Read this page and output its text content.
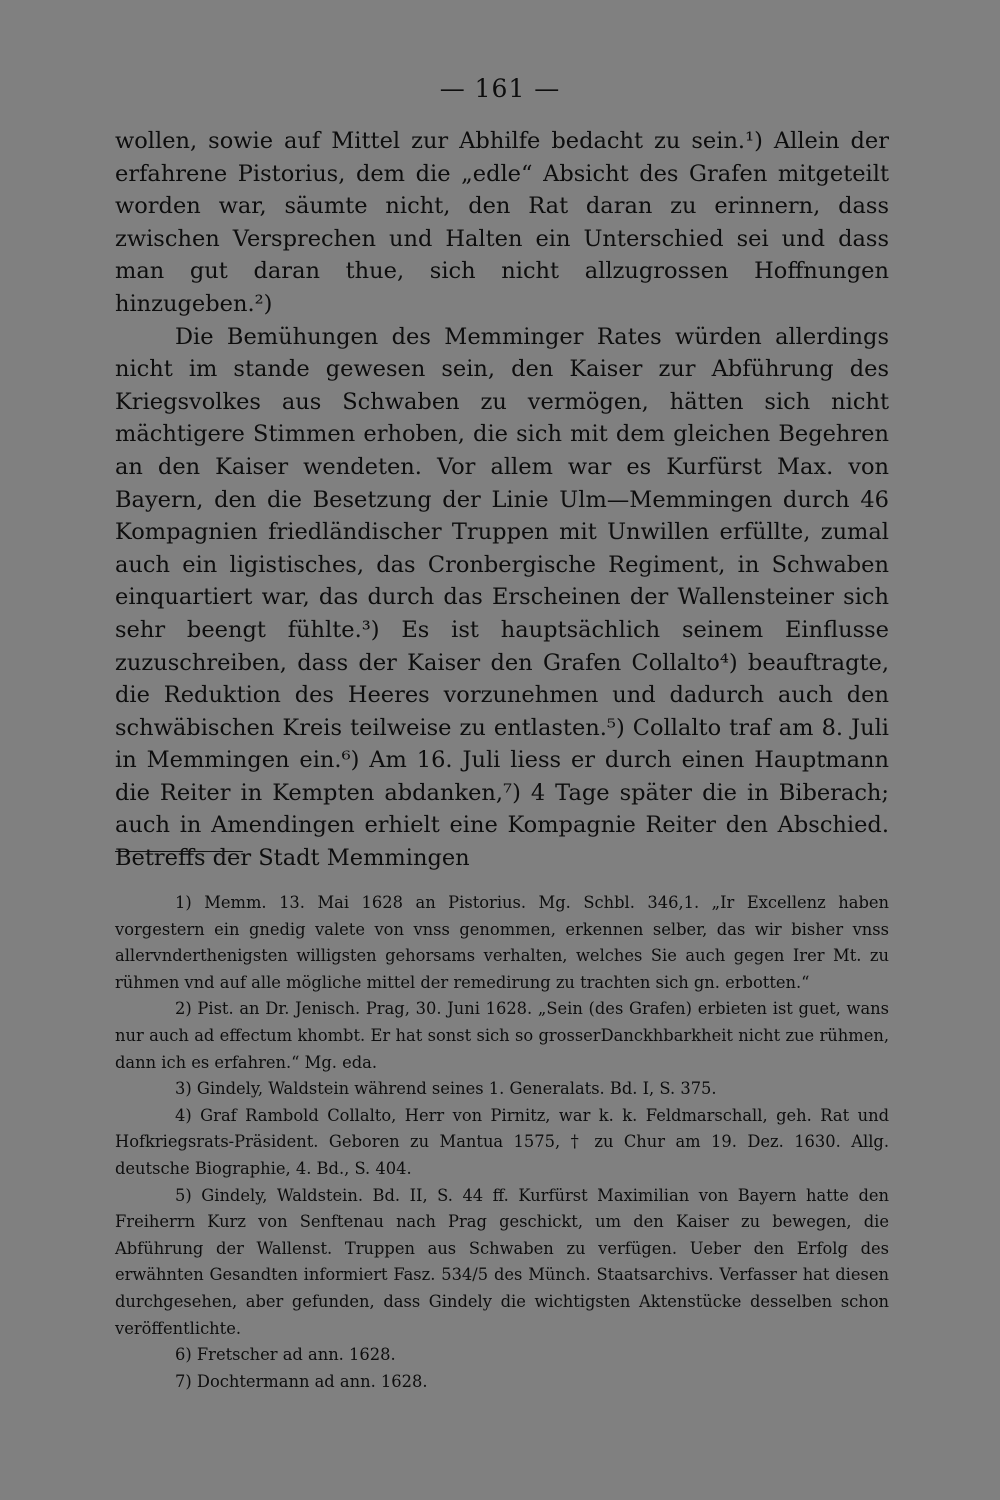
— 161 —

wollen, sowie auf Mittel zur Abhilfe bedacht zu sein.¹) Allein der erfahrene Pistorius, dem die „edle“ Absicht des Grafen mitgeteilt worden war, säumte nicht, den Rat daran zu erinnern, dass zwischen Versprechen und Halten ein Unterschied sei und dass man gut daran thue, sich nicht allzugrossen Hoffnungen hinzugeben.²)

Die Bemühungen des Memminger Rates würden allerdings nicht im stande gewesen sein, den Kaiser zur Abführung des Kriegsvolkes aus Schwaben zu vermögen, hätten sich nicht mächtigere Stimmen erhoben, die sich mit dem gleichen Begehren an den Kaiser wendeten. Vor allem war es Kurfürst Max. von Bayern, den die Besetzung der Linie Ulm—Memmingen durch 46 Kompagnien friedländischer Truppen mit Unwillen erfüllte, zumal auch ein ligistisches, das Cronbergische Regiment, in Schwaben einquartiert war, das durch das Erscheinen der Wallensteiner sich sehr beengt fühlte.³) Es ist hauptsächlich seinem Einflusse zuzuschreiben, dass der Kaiser den Grafen Collalto⁴) beauftragte, die Reduktion des Heeres vorzunehmen und dadurch auch den schwäbischen Kreis teilweise zu entlasten.⁵) Collalto traf am 8. Juli in Memmingen ein.⁶) Am 16. Juli liess er durch einen Hauptmann die Reiter in Kempten abdanken,⁷) 4 Tage später die in Biberach; auch in Amendingen erhielt eine Kompagnie Reiter den Abschied. Betreffs der Stadt Memmingen

1) Memm. 13. Mai 1628 an Pistorius. Mg. Schbl. 346,1. „Ir Excellenz haben vorgestern ein gnedig valete von vnss genommen, erkennen selber, das wir bisher vnss allervnderthenigsten willigsten gehorsams verhalten, welches Sie auch gegen Irer Mt. zu rühmen vnd auf alle mögliche mittel der remedirung zu trachten sich gn. erbotten.“

2) Pist. an Dr. Jenisch. Prag, 30. Juni 1628. „Sein (des Grafen) erbieten ist guet, wans nur auch ad effectum khombt. Er hat sonst sich so grosserDanckhbarkheit nicht zue rühmen, dann ich es erfahren.“ Mg. eda.

3) Gindely, Waldstein während seines 1. Generalats. Bd. I, S. 375.

4) Graf Rambold Collalto, Herr von Pirnitz, war k. k. Feldmarschall, geh. Rat und Hofkriegsrats-Präsident. Geboren zu Mantua 1575, † zu Chur am 19. Dez. 1630. Allg. deutsche Biographie, 4. Bd., S. 404.

5) Gindely, Waldstein. Bd. II, S. 44 ff. Kurfürst Maximilian von Bayern hatte den Freiherrn Kurz von Senftenau nach Prag geschickt, um den Kaiser zu bewegen, die Abführung der Wallenst. Truppen aus Schwaben zu verfügen. Ueber den Erfolg des erwähnten Gesandten informiert Fasz. 534/5 des Münch. Staatsarchivs. Verfasser hat diesen durchgesehen, aber gefunden, dass Gindely die wichtigsten Aktenstücke desselben schon veröffentlichte.

6) Fretscher ad ann. 1628.

7) Dochtermann ad ann. 1628.
